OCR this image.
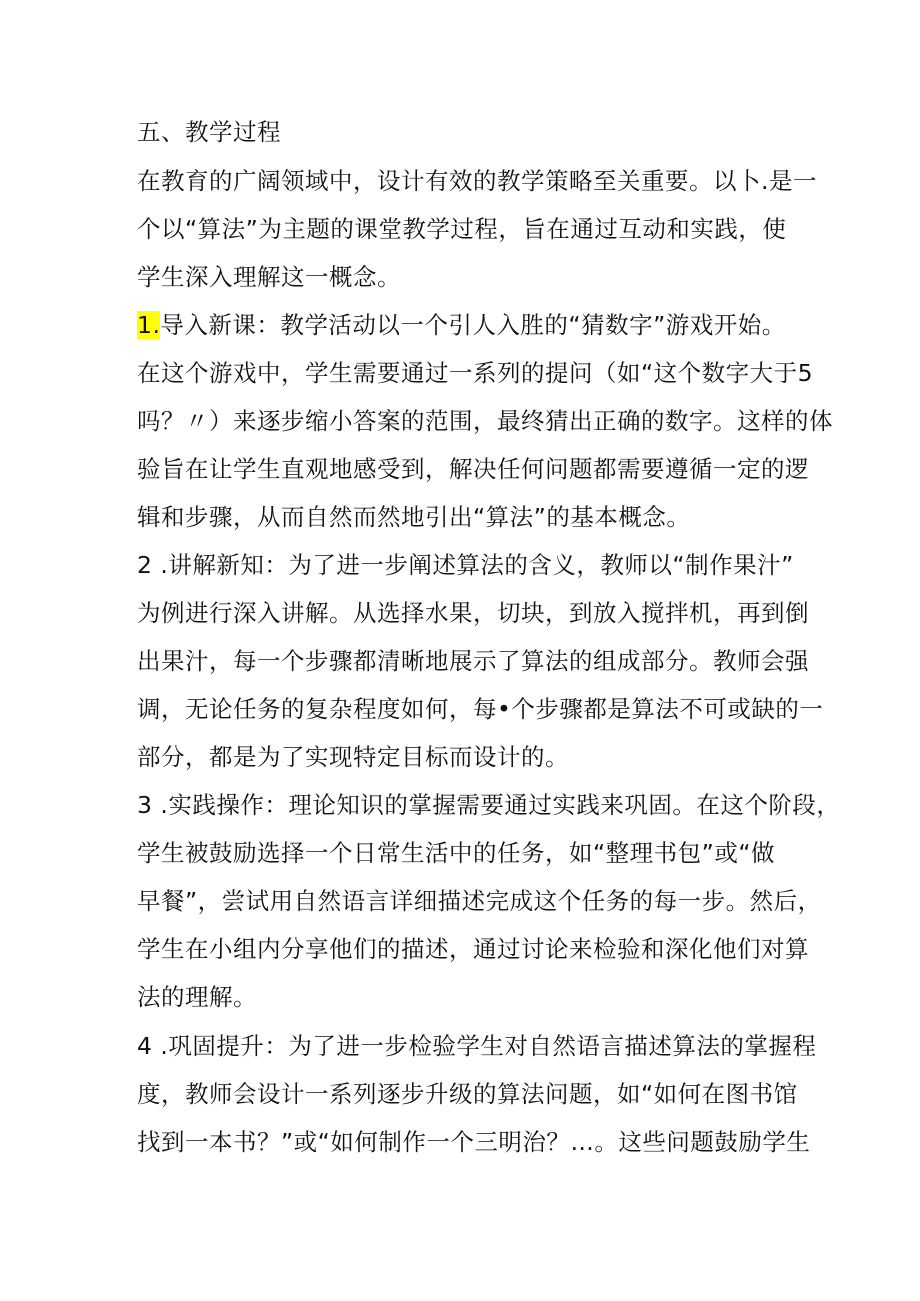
五、教学过程
在教育的广阔领域中，设计有效的教学策略至关重要。以卜.是一
个以“算法”为主题的课堂教学过程，旨在通过互动和实践，使
学生深入理解这一概念。
1.导入新课：教学活动以一个引人入胜的“猜数字”游戏开始。
在这个游戏中，学生需要通过一系列的提问（如“这个数字大于5
吗？〃）来逐步缩小答案的范围，最终猜出正确的数字。这样的体
验旨在让学生直观地感受到，解决任何问题都需要遵循一定的逻
辑和步骤，从而自然而然地引出“算法”的基本概念。
2 .讲解新知：为了进一步阐述算法的含义，教师以“制作果汁”
为例进行深入讲解。从选择水果，切块，到放入搅拌机，再到倒
出果汁，每一个步骤都清晰地展示了算法的组成部分。教师会强
调，无论任务的复杂程度如何，每•个步骤都是算法不可或缺的一
部分，都是为了实现特定目标而设计的。
3 .实践操作：理论知识的掌握需要通过实践来巩固。在这个阶段，
学生被鼓励选择一个日常生活中的任务，如“整理书包”或“做
早餐”，尝试用自然语言详细描述完成这个任务的每一步。然后，
学生在小组内分享他们的描述，通过讨论来检验和深化他们对算
法的理解。
4 .巩固提升：为了进一步检验学生对自然语言描述算法的掌握程
度，教师会设计一系列逐步升级的算法问题，如“如何在图书馆
找到一本书？”或“如何制作一个三明治？…。这些问题鼓励学生
